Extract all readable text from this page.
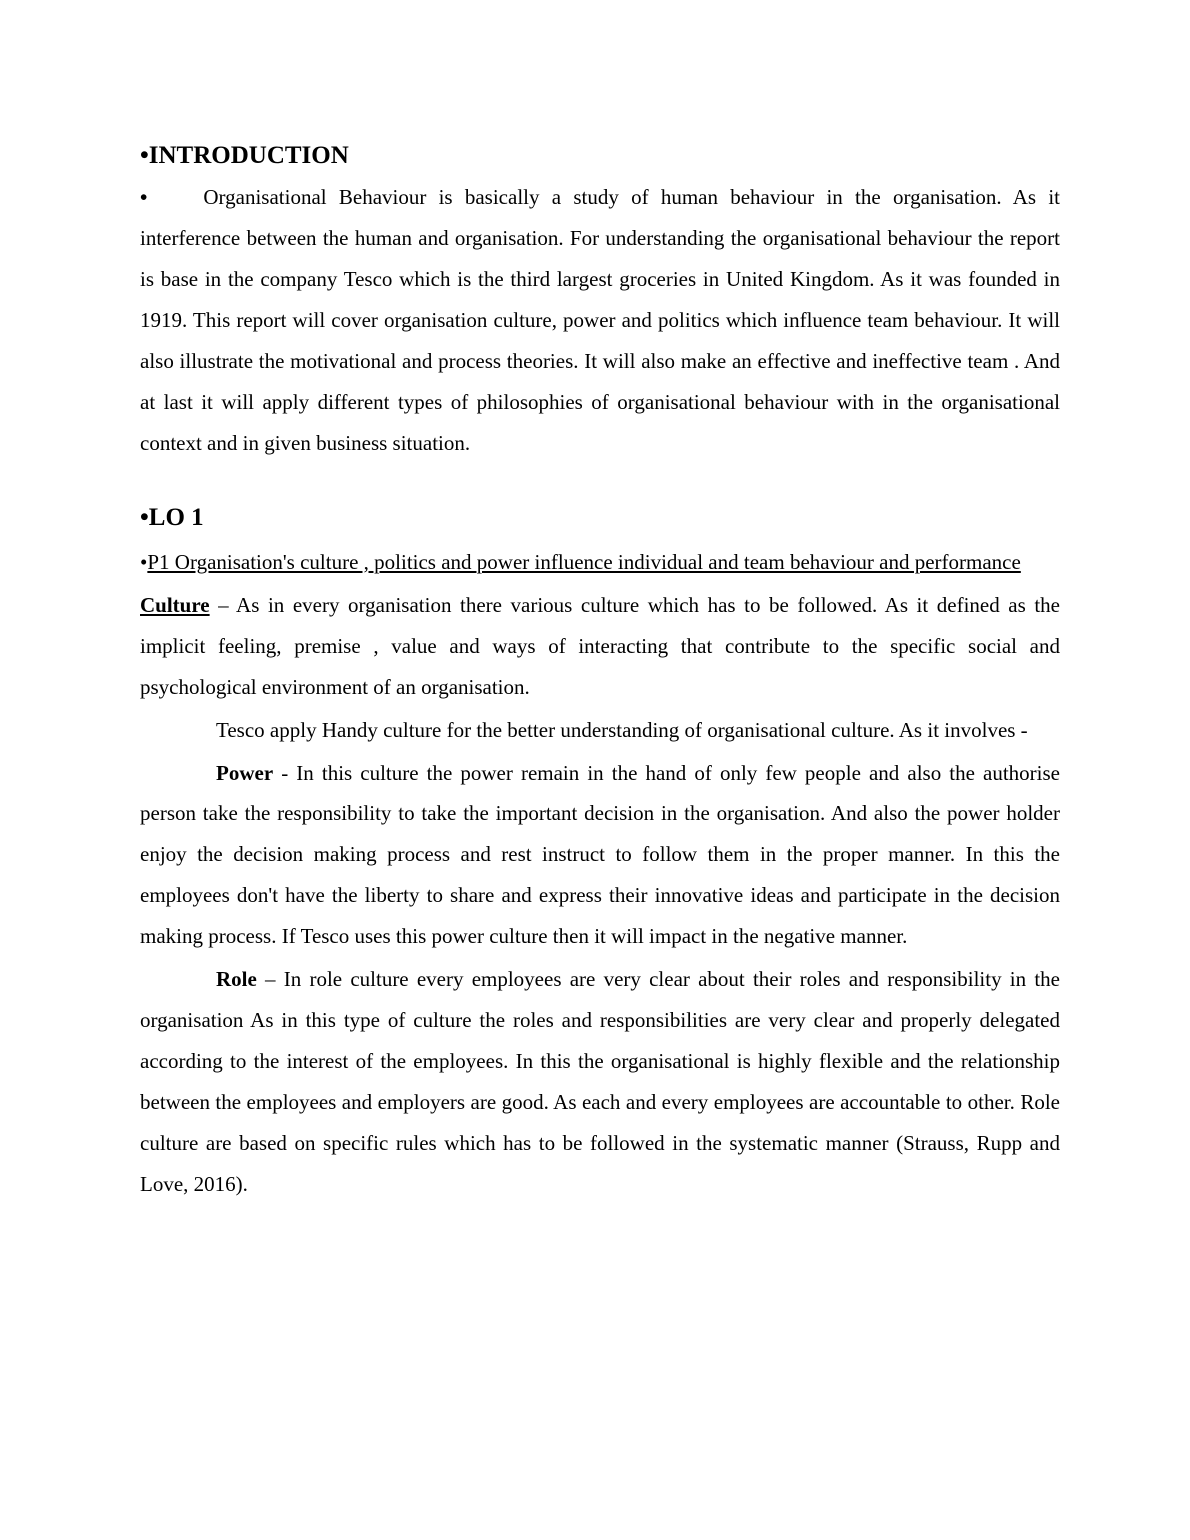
•INTRODUCTION

•	Organisational Behaviour is basically a study of human behaviour in the organisation. As it interference between the human and organisation. For understanding the organisational behaviour the report is base in the company Tesco which is the third largest groceries in United Kingdom. As it was founded in 1919. This report will cover organisation culture, power and politics which influence team behaviour. It will also illustrate the motivational and process theories. It will also make an effective and ineffective team . And at last it will apply different types of philosophies of organisational behaviour with in the organisational context and in given business situation.

•LO 1

•P1 Organisation's culture , politics and power influence individual and team behaviour and performance

Culture – As in every organisation there various culture which has to be followed. As it defined as the implicit feeling, premise , value and ways of interacting that contribute to the specific social and psychological environment of an organisation.

Tesco apply Handy culture for the better understanding of organisational culture. As it involves -

Power - In this culture the power remain in the hand of only few people and also the authorise person take the responsibility to take the important decision in the organisation. And also the power holder enjoy the decision making process and rest instruct to follow them in the proper manner. In this the employees don't have the liberty to share and express their innovative ideas and participate in the decision making process. If Tesco uses this power culture then it will impact in the negative manner.

Role – In role culture every employees are very clear about their roles and responsibility in the organisation As in this type of culture the roles and responsibilities are very clear and properly delegated according to the interest of the employees. In this the organisational is highly flexible and the relationship between the employees and employers are good. As each and every employees are accountable to other. Role culture are based on specific rules which has to be followed in the systematic manner (Strauss, Rupp and Love, 2016).
